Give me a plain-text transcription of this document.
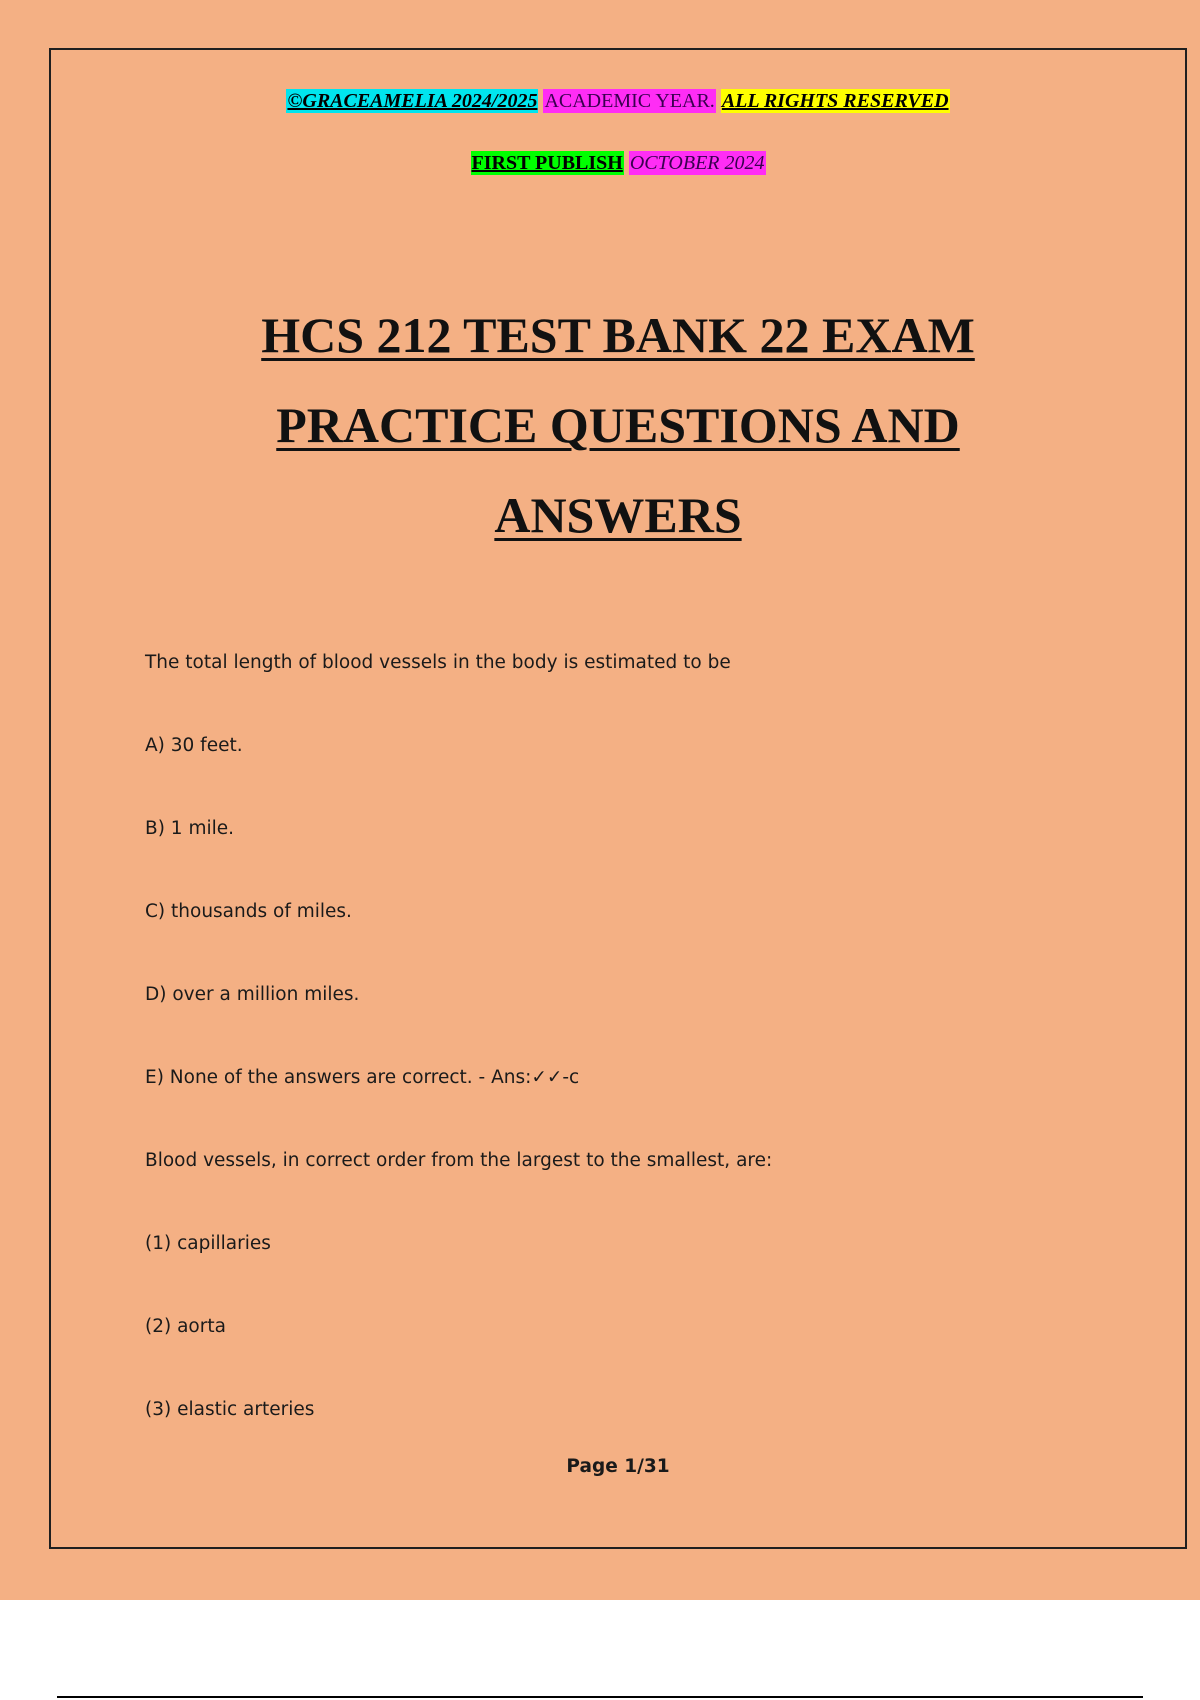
©GRACEAMELIA 2024/2025 ACADEMIC YEAR. ALL RIGHTS RESERVED
FIRST PUBLISH OCTOBER 2024
HCS 212 TEST BANK 22 EXAM
PRACTICE QUESTIONS AND
ANSWERS
The total length of blood vessels in the body is estimated to be
A) 30 feet.
B) 1 mile.
C) thousands of miles.
D) over a million miles.
E) None of the answers are correct. - Ans:✓✓-c
Blood vessels, in correct order from the largest to the smallest, are:
(1) capillaries
(2) aorta
(3) elastic arteries
Page 1/31
